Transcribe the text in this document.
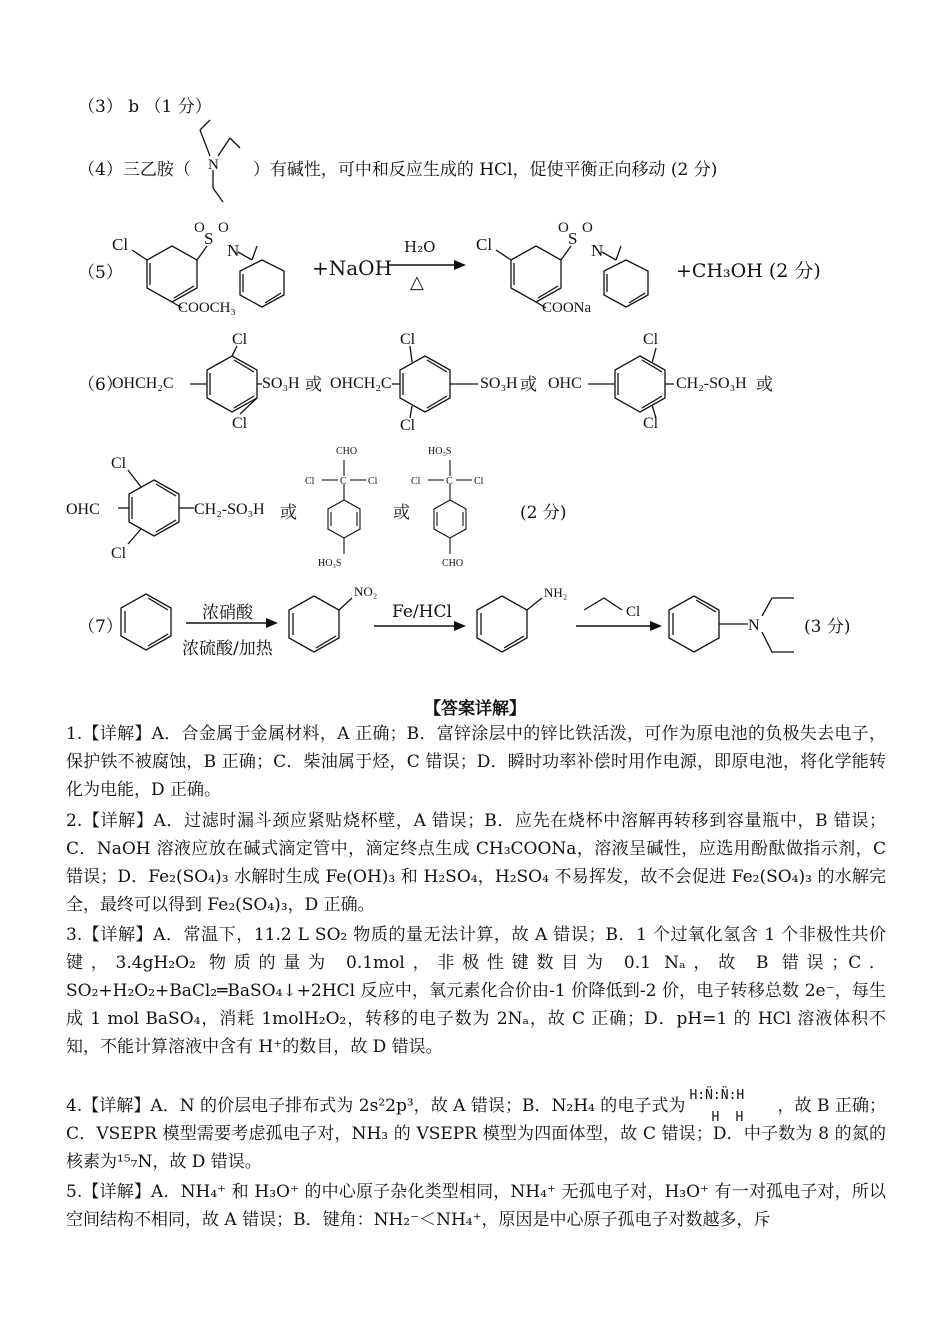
（3） b （1 分）
（4）三乙胺（	）有碱性，可中和反应生成的 HCl，促使平衡正向移动 (2 分)
N
（5）
Cl	S
O O
N
COOCH₃
+NaOH
H₂O
△
Cl	S
O O
N
COONa
+CH₃OH (2 分)
（6）
OHCH₂C
Cl
SO₃H
Cl
或 OHCH₂C
Cl
SO₃H
Cl
或 OHC
Cl
CH₂-SO₃H
Cl
或
OHC
Cl
CH₂-SO₃H
Cl
或
CHO
Cl	C Cl
HO₃S
或
HO₃S
Cl	C Cl
CHO
(2 分)
（7）
浓硝酸
浓硫酸/加热
NO₂
Fe/HCl
NH₂
Cl
N	(3 分)
【答案详解】
1.【详解】A．合金属于金属材料，A 正确；B．富锌涂层中的锌比铁活泼，可作为原电池的负极失去电子，保护铁不被腐蚀，B 正确；C．柴油属于烃，C 错误；D．瞬时功率补偿时用作电源，即原电池，将化学能转化为电能，D 正确。
2.【详解】A．过滤时漏斗颈应紧贴烧杯壁，A 错误；B．应先在烧杯中溶解再转移到容量瓶中，B 错误；C．NaOH 溶液应放在碱式滴定管中，滴定终点生成 CH₃COONa，溶液呈碱性，应选用酚酞做指示剂，C 错误；D．Fe₂(SO₄)₃ 水解时生成 Fe(OH)₃ 和 H₂SO₄，H₂SO₄ 不易挥发，故不会促进 Fe₂(SO₄)₃ 的水解完全，最终可以得到 Fe₂(SO₄)₃，D 正确。
3.【详解】A．常温下，11.2 L SO₂ 物质的量无法计算，故 A 错误；B．1 个过氧化氢含 1 个非极性共价键，3.4gH₂O₂ 物质的量为 0.1mol，非极性键数目为 0.1 Nₐ，故 B 错误；C．SO₂+H₂O₂+BaCl₂═BaSO₄↓+2HCl 反应中，氧元素化合价由-1 价降低到-2 价，电子转移总数 2e⁻，每生成 1 mol BaSO₄，消耗 1molH₂O₂，转移的电子数为 2Nₐ，故 C 正确；D．pH=1 的 HCl 溶液体积不知，不能计算溶液中含有 H⁺的数目，故 D 错误。
4.【详解】A．N 的价层电子排布式为 2s²2p³，故 A 错误；B．N₂H₄ 的电子式为
H:N̈:N̈:H
H H
，故 B 正确；C．VSEPR 模型需要考虑孤电子对，NH₃ 的 VSEPR 模型为四面体型，故 C 错误；D．中子数为 8 的氮的核素为¹⁵₇N，故 D 错误。
5.【详解】A．NH₄⁺ 和 H₃O⁺ 的中心原子杂化类型相同，NH₄⁺ 无孤电子对，H₃O⁺ 有一对孤电子对，所以空间结构不相同，故 A 错误；B．键角：NH₂⁻＜NH₄⁺，原因是中心原子孤电子对数越多，斥
